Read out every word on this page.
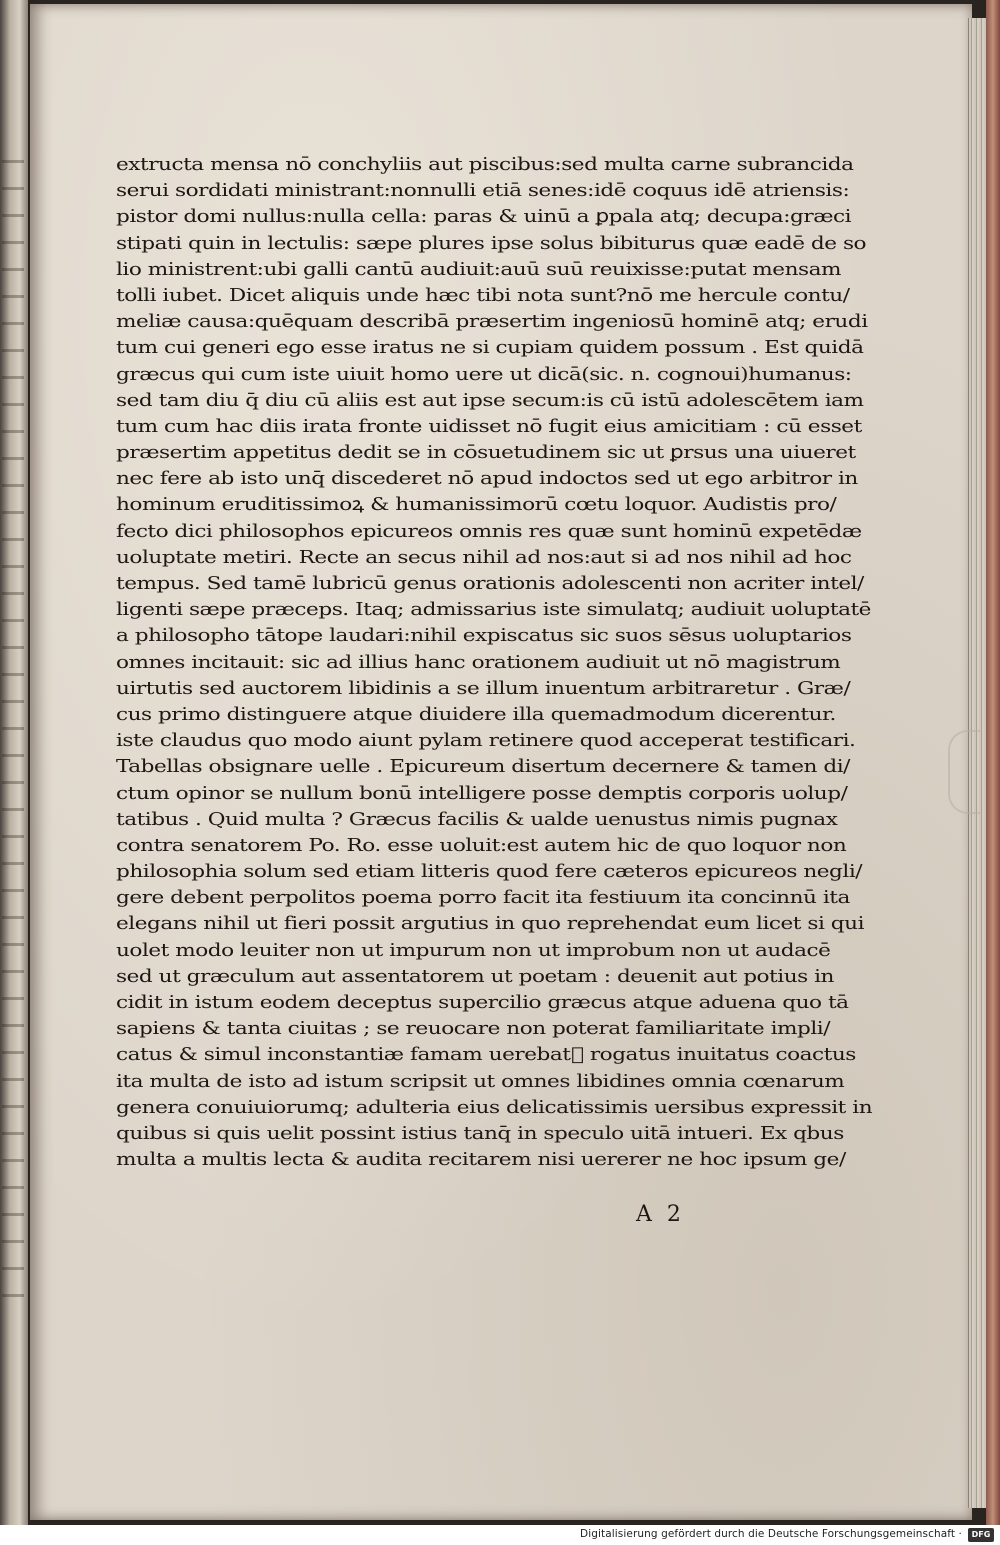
extructa mensa nō conchyliis aut piscibus:sed multa carne subrancida
serui sordidati ministrant:nonnulli etiā senes:idē coquus idē atriensis:
pistor domi nullus:nulla cella: paras & uinū a ꝑpala atq; decupa:græci
stipati quin in lectulis: sæpe plures ipse solus bibiturus quæ eadē de so
lio ministrent:ubi galli cantū audiuit:auū suū reuixisse:putat mensam
tolli iubet. Dicet aliquis unde hæc tibi nota sunt?nō me hercule contu/
meliæ causa:quēquam describā præsertim ingeniosū hominē atq; erudi
tum cui generi ego esse iratus ne si cupiam quidem possum . Est quidā
græcus qui cum iste uiuit homo uere ut dicā(sic. n. cognoui)humanus:
sed tam diu q̄ diu cū aliis est aut ipse secum:is cū istū adolescētem iam
tum cum hac diis irata fronte uidisset nō fugit eius amicitiam : cū esset
præsertim appetitus dedit se in cōsuetudinem sic ut ꝑrsus una uiueret
nec fere ab isto unq̄ discederet nō apud indoctos sed ut ego arbitror in
hominum eruditissimoꝝ & humanissimorū cœtu loquor. Audistis pro/
fecto dici philosophos epicureos omnis res quæ sunt hominū expetēdæ
uoluptate metiri. Recte an secus nihil ad nos:aut si ad nos nihil ad hoc
tempus. Sed tamē lubricū genus orationis adolescenti non acriter intel/
ligenti sæpe præceps. Itaq; admissarius iste simulatq; audiuit uoluptatē
a philosopho tātope laudari:nihil expiscatus sic suos sēsus uoluptarios
omnes incitauit: sic ad illius hanc orationem audiuit ut nō magistrum
uirtutis sed auctorem libidinis a se illum inuentum arbitraretur . Græ/
cus primo distinguere atque diuidere illa quemadmodum dicerentur.
iste claudus quo modo aiunt pylam retinere quod acceperat testificari.
Tabellas obsignare uelle . Epicureum disertum decernere & tamen di/
ctum opinor se nullum bonū intelligere posse demptis corporis uolup/
tatibus . Quid multa ? Græcus facilis & ualde uenustus nimis pugnax
contra senatorem Po. Ro. esse uoluit:est autem hic de quo loquor non
philosophia solum sed etiam litteris quod fere cæteros epicureos negli/
gere debent perpolitos poema porro facit ita festiuum ita concinnū ita
elegans nihil ut fieri possit argutius in quo reprehendat eum licet si qui
uolet modo leuiter non ut impurum non ut improbum non ut audacē
sed ut græculum aut assentatorem ut poetam : deuenit aut potius in
cidit in istum eodem deceptus supercilio græcus atque aduena quo tā
sapiens & tanta ciuitas ; se reuocare non poterat familiaritate impli/
catus & simul inconstantiæ famam uerebat᷑ rogatus inuitatus coactus
ita multa de isto ad istum scripsit ut omnes libidines omnia cœnarum
genera conuiuiorumq; adulteria eius delicatissimis uersibus expressit in
quibus si quis uelit possint istius tanq̄ in speculo uitā intueri. Ex qbus
multa a multis lecta & audita recitarem nisi uererer ne hoc ipsum ge/
A 2
Digitalisierung gefördert durch die Deutsche Forschungsgemeinschaft ·	DFG
